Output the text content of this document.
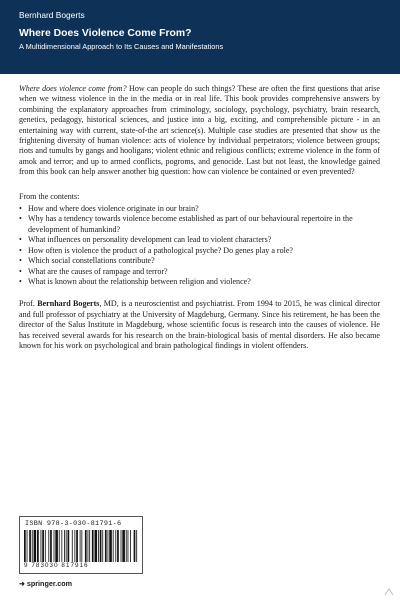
Bernhard Bogerts
Where Does Violence Come From?
A Multidimensional Approach to Its Causes and Manifestations

Where does violence come from? How can people do such things? These are often the first questions that arise when we witness violence in the in the media or in real life. This book provides comprehensive answers by combining the explanatory approaches from criminology, sociology, psychology, psychiatry, brain research, genetics, pedagogy, historical sciences, and justice into a big, exciting, and comprehensible picture - in an entertaining way with current, state-of-the art science(s). Multiple case studies are presented that show us the frightening diversity of human violence: acts of violence by individual perpetrators; violence between groups; riots and tumults by gangs and hooligans; violent ethnic and religious conflicts; extreme violence in the form of amok and terror; and up to armed conflicts, pogroms, and genocide. Last but not least, the knowledge gained from this book can help answer another big question: how can violence be contained or even prevented?

From the contents:

• How and where does violence originate in our brain?
• Why has a tendency towards violence become established as part of our behavioural repertoire in the development of humankind?
• What influences on personality development can lead to violent characters?
• How often is violence the product of a pathological psyche? Do genes play a role?
• Which social constellations contribute?
• What are the causes of rampage and terror?
• What is known about the relationship between religion and violence?

Prof. Bernhard Bogerts, MD, is a neuroscientist and psychiatrist. From 1994 to 2015, he was clinical director and full professor of psychiatry at the University of Magdeburg, Germany. Since his retirement, he has been the director of the Salus Institute in Magdeburg, whose scientific focus is research into the causes of violence. He has received several awards for his research on the brain-biological basis of mental disorders. He also became known for his work on psychological and brain pathological findings in violent offenders.

ISBN 978-3-030-81791-6
9 783030 817916
➜ springer.com
